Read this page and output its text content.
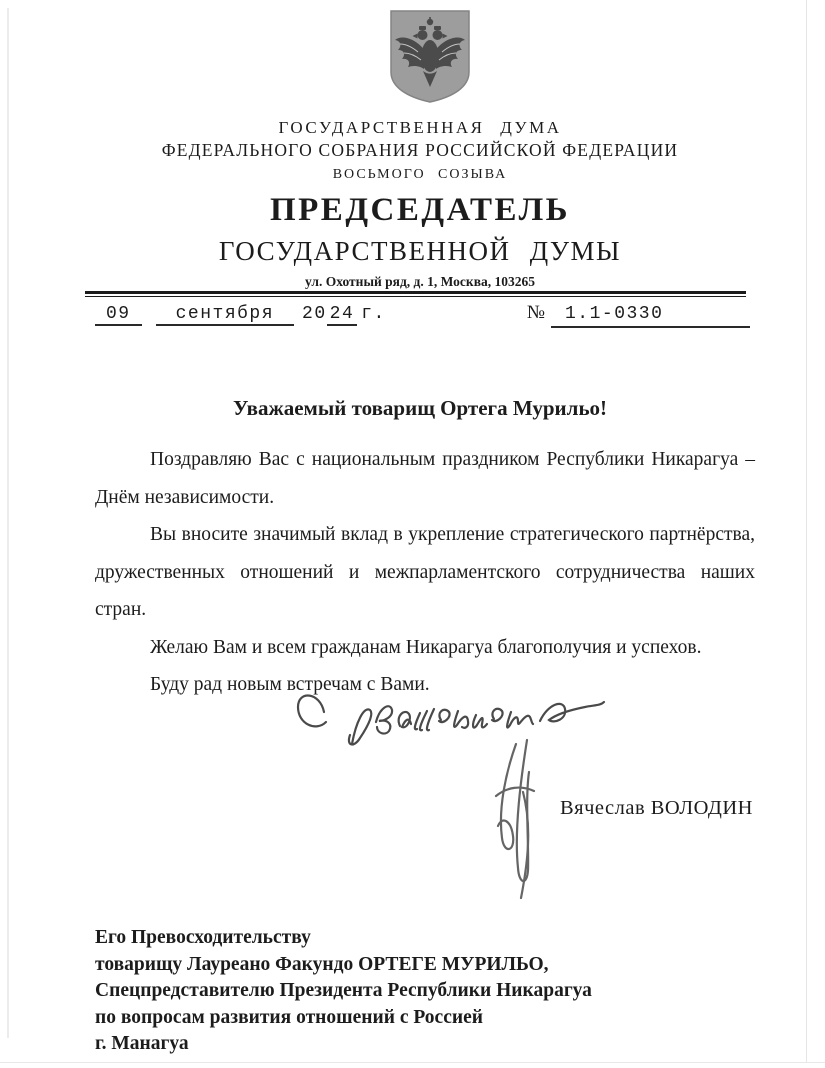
ГОСУДАРСТВЕННАЯ ДУМА
ФЕДЕРАЛЬНОГО СОБРАНИЯ РОССИЙСКОЙ ФЕДЕРАЦИИ
ВОСЬМОГО СОЗЫВА
ПРЕДСЕДАТЕЛЬ
ГОСУДАРСТВЕННОЙ ДУМЫ
ул. Охотный ряд, д. 1, Москва, 103265
09	сентября	20 24 г.	№	1.1-0330
Уважаемый товарищ Ортега Мурильо!

Поздравляю Вас с национальным праздником Республики Никарагуа – Днём независимости.

Вы вносите значимый вклад в укрепление стратегического партнёрства, дружественных отношений и межпарламентского сотрудничества наших стран.

Желаю Вам и всем гражданам Никарагуа благополучия и успехов.

Буду рад новым встречам с Вами.

Вячеслав ВОЛОДИН
Его Превосходительству
товарищу Лауреано Факундо ОРТЕГЕ МУРИЛЬО,
Спецпредставителю Президента Республики Никарагуа
по вопросам развития отношений с Россией
г. Манагуа
